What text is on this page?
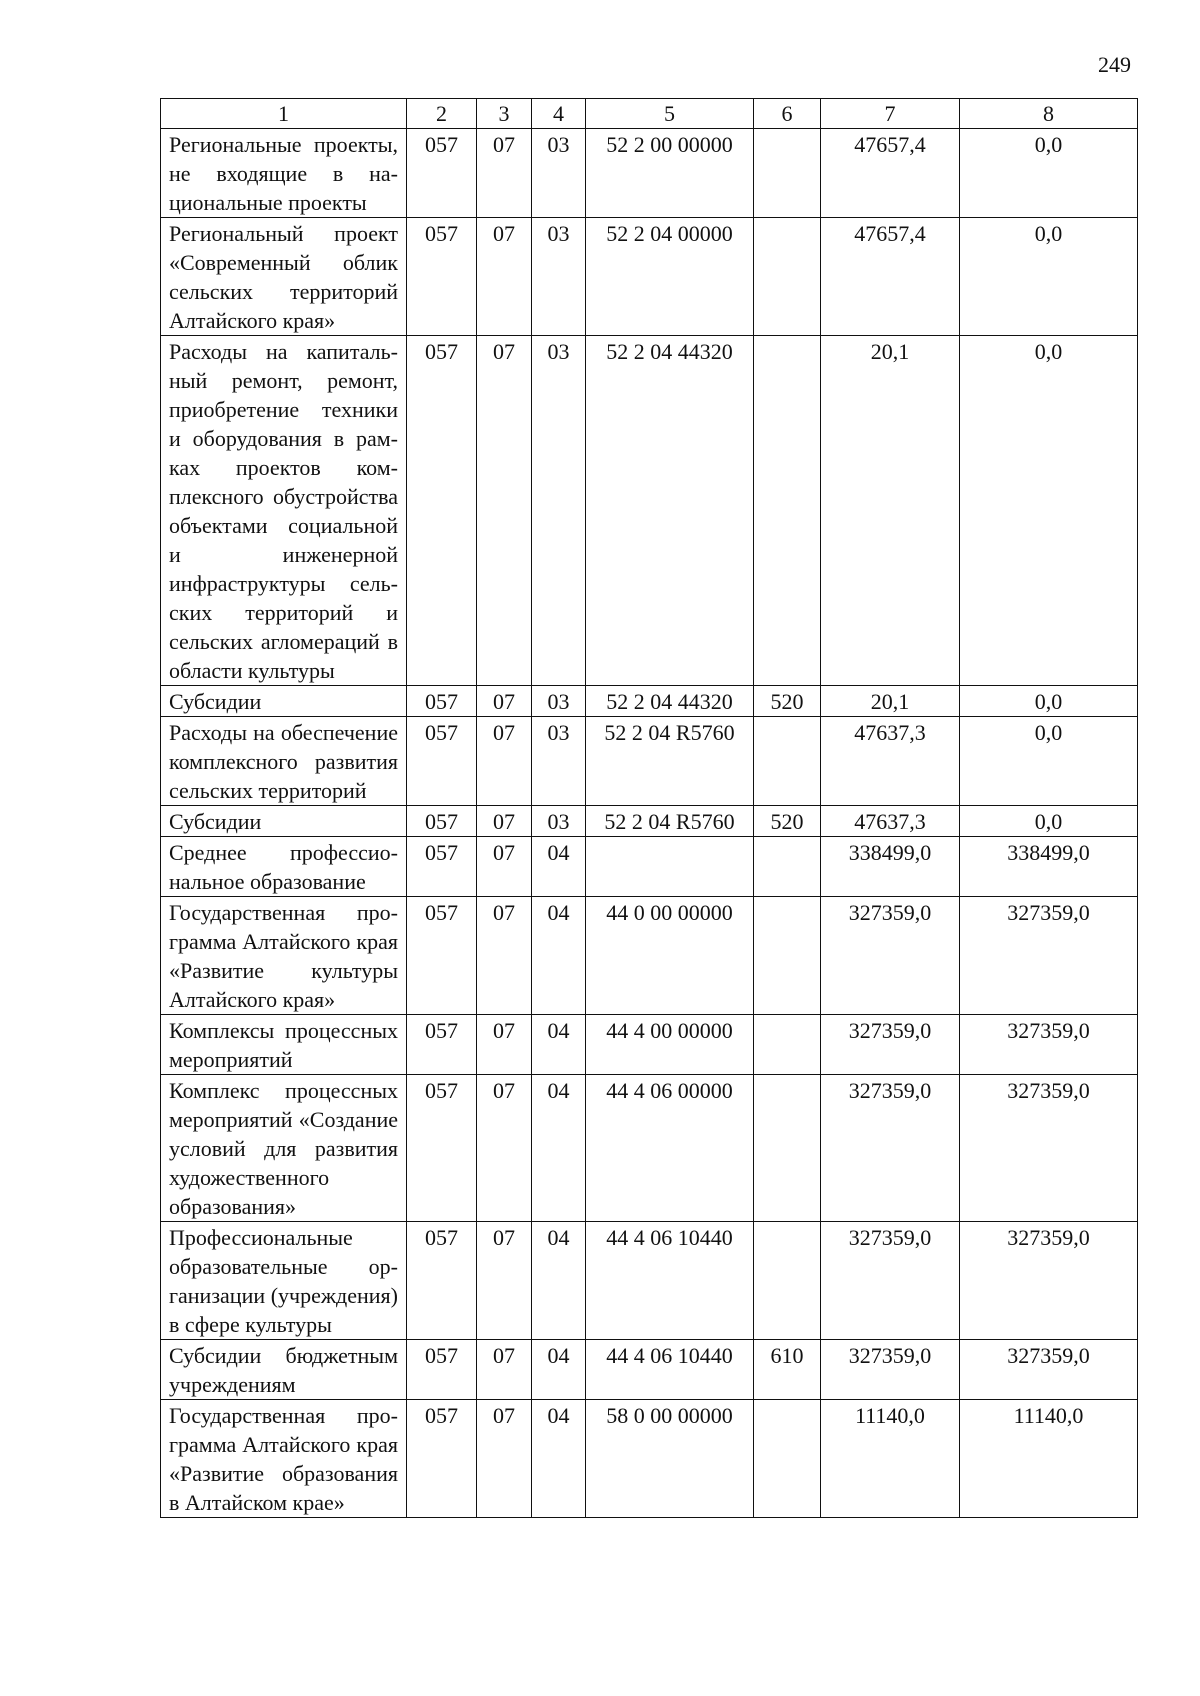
249
1	2	3	4	5	6	7	8
Региональные проекты, не входящие в национальные проекты	057	07	03	52 2 00 00000		47657,4	0,0
Региональный проект «Современный облик сельских территорий Алтайского края»	057	07	03	52 2 04 00000		47657,4	0,0
Расходы на капитальный ремонт, ремонт, приобретение техники и оборудования в рамках проектов комплексного обустройства объектами социальной и инженерной инфраструктуры сельских территорий и сельских агломераций в области культуры	057	07	03	52 2 04 44320		20,1	0,0
Субсидии	057	07	03	52 2 04 44320	520	20,1	0,0
Расходы на обеспечение комплексного развития сельских территорий	057	07	03	52 2 04 R5760		47637,3	0,0
Субсидии	057	07	03	52 2 04 R5760	520	47637,3	0,0
Среднее профессиональное образование	057	07	04			338499,0	338499,0
Государственная программа Алтайского края «Развитие культуры Алтайского края»	057	07	04	44 0 00 00000		327359,0	327359,0
Комплексы процессных мероприятий	057	07	04	44 4 00 00000		327359,0	327359,0
Комплекс процессных мероприятий «Создание условий для развития художественного образования»	057	07	04	44 4 06 00000		327359,0	327359,0
Профессиональные образовательные организации (учреждения) в сфере культуры	057	07	04	44 4 06 10440		327359,0	327359,0
Субсидии бюджетным учреждениям	057	07	04	44 4 06 10440	610	327359,0	327359,0
Государственная программа Алтайского края «Развитие образования в Алтайском крае»	057	07	04	58 0 00 00000		11140,0	11140,0
